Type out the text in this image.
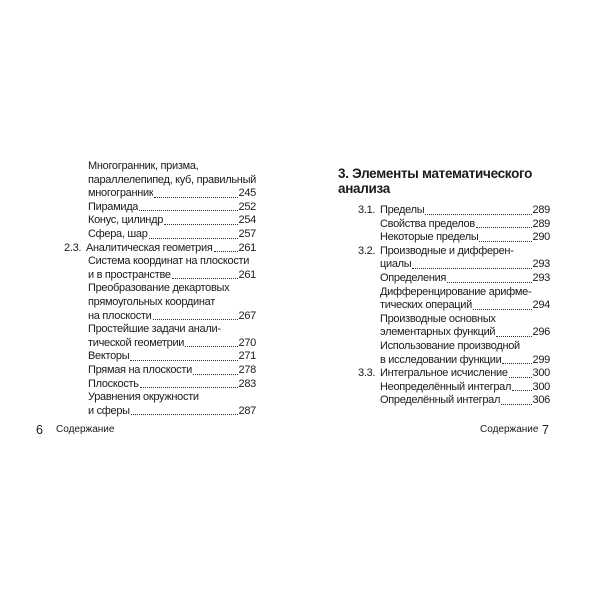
Многогранник, призма,
параллелепипед, куб, правильный
многогранник	245
Пирамида	252
Конус, цилиндр	254
Сфера, шар	257
2.3. Аналитическая геометрия 261
Система координат на плоскости
и в пространстве	261
Преобразование декартовых
прямоугольных координат
на плоскости	267
Простейшие задачи анали-
тической геометрии	270
Векторы	271
Прямая на плоскости	278
Плоскость	283
Уравнения окружности
и сферы	287
6 Содержание
3. Элементы математического
анализа
3.1. Пределы	289
Свойства пределов	289
Некоторые пределы	290
3.2. Производные и дифферен-
циалы	293
Определения	293
Дифференцирование арифме-
тических операций	294
Производные основных
элементарных функций	296
Использование производной
в исследовании функции	299
3.3. Интегральное исчисление 300
Неопределённый интеграл 300
Определённый интеграл	306
Содержание 7
